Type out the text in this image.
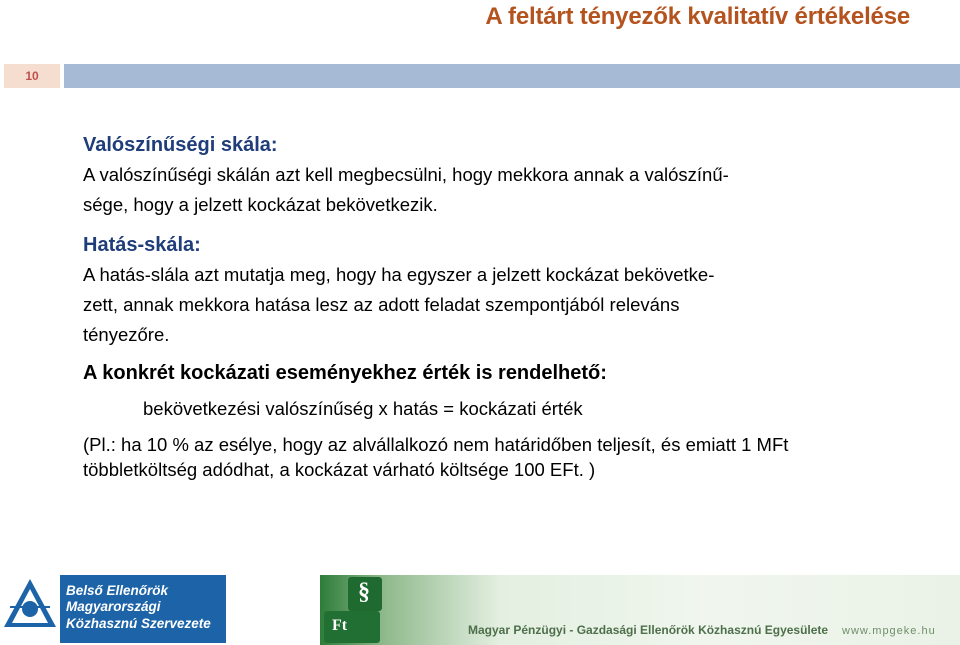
A feltárt tényezők kvalitatív értékelése
10

Valószínűségi skála:

A valószínűségi skálán azt kell megbecsülni, hogy mekkora annak a valószínű-

sége, hogy a jelzett kockázat bekövetkezik.

Hatás-skála:

A hatás-slála azt mutatja meg, hogy ha egyszer a jelzett kockázat bekövetke-

zett, annak mekkora hatása lesz az adott feladat szempontjából releváns

tényezőre.

A konkrét kockázati eseményekhez érték is rendelhető:

bekövetkezési valószínűség x hatás = kockázati érték

(Pl.: ha 10 % az esélye, hogy az alvállalkozó nem határidőben teljesít, és emiatt 1 MFt

többletköltség adódhat, a kockázat várható költsége 100 EFt. )

Belső Ellenőrök
Magyarországi
Közhasznú Szervezete
www.iia.hu
§
Ft	Magyar Pénzügyi - Gazdasági Ellenőrök Közhasznú Egyesülete www.mpgeke.hu
